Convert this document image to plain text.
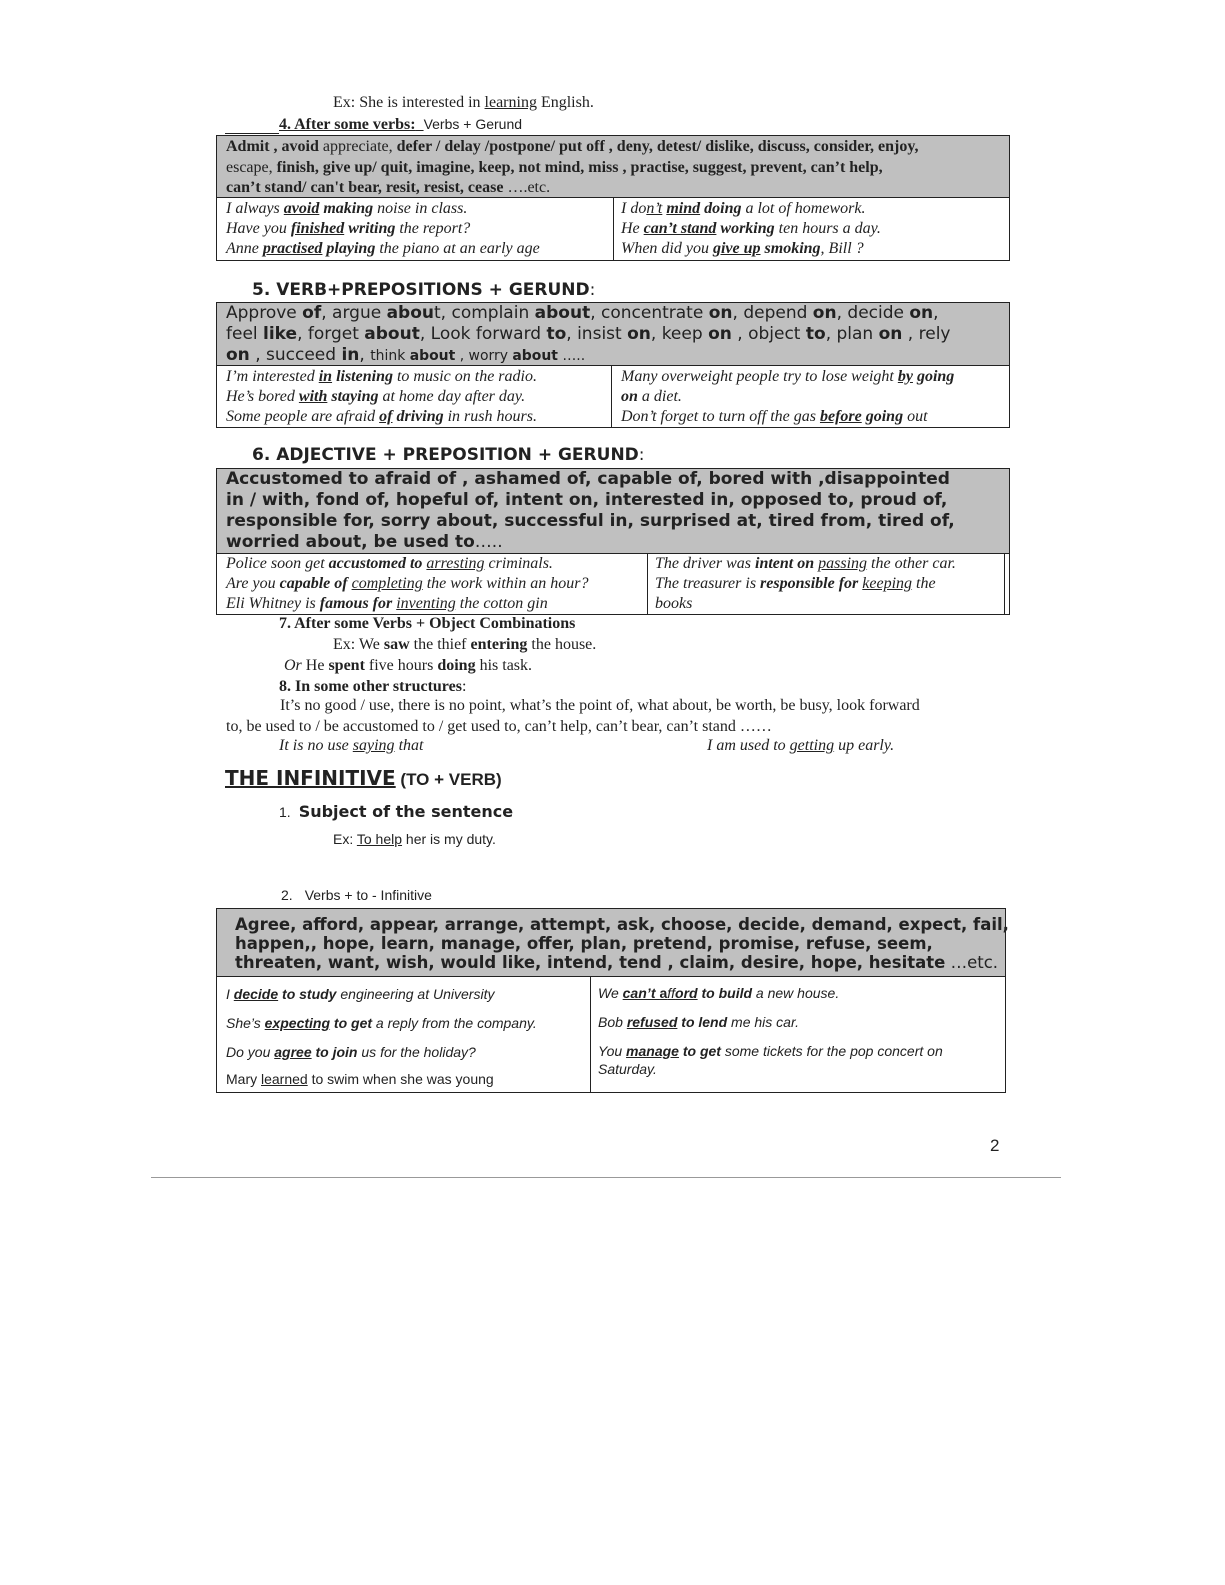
Ex: She is interested in learning English.
4. After some verbs: Verbs + Gerund
Admit , avoid appreciate, defer / delay /postpone/ put off , deny, detest/ dislike, discuss, consider, enjoy,
escape, finish, give up/ quit, imagine, keep, not mind, miss , practise, suggest, prevent, can’t help,
can’t stand/ can't bear, resit, resist, cease ….etc.
I always avoid making noise in class.
Have you finished writing the report?
Anne practised playing the piano at an early age
I don’t mind doing a lot of homework.
He can’t stand working ten hours a day.
When did you give up smoking, Bill ?
5. VERB+PREPOSITIONS + GERUND:
Approve of, argue about, complain about, concentrate on, depend on, decide on,
feel like, forget about, Look forward to, insist on, keep on , object to, plan on , rely
on , succeed in, think about , worry about …..
I’m interested in listening to music on the radio.
He’s bored with staying at home day after day.
Some people are afraid of driving in rush hours.
Many overweight people try to lose weight by going
on a diet.
Don’t forget to turn off the gas before going out
6. ADJECTIVE + PREPOSITION + GERUND:
Accustomed to afraid of , ashamed of, capable of, bored with ,disappointed
in / with, fond of, hopeful of, intent on, interested in, opposed to, proud of,
responsible for, sorry about, successful in, surprised at, tired from, tired of,
worried about, be used to…..
Police soon get accustomed to arresting criminals.
Are you capable of completing the work within an hour?
Eli Whitney is famous for inventing the cotton gin
The driver was intent on passing the other car.
The treasurer is responsible for keeping the
books
7. After some Verbs + Object Combinations
Ex: We saw the thief entering the house.
Or He spent five hours doing his task.
8. In some other structures:
It’s no good / use, there is no point, what’s the point of, what about, be worth, be busy, look forward
to, be used to / be accustomed to / get used to, can’t help, can’t bear, can’t stand ……
It is no use saying that	I am used to getting up early.
THE INFINITIVE (TO + VERB)
1. Subject of the sentence
Ex: To help her is my duty.
2. Verbs + to - Infinitive
Agree, afford, appear, arrange, attempt, ask, choose, decide, demand, expect, fail,
happen,, hope, learn, manage, offer, plan, pretend, promise, refuse, seem,
threaten, want, wish, would like, intend, tend , claim, desire, hope, hesitate …etc.
I decide to study engineering at University
She’s expecting to get a reply from the company.
Do you agree to join us for the holiday?
Mary learned to swim when she was young
We can’t afford to build a new house.
Bob refused to lend me his car.
You manage to get some tickets for the pop concert on
Saturday.
2
